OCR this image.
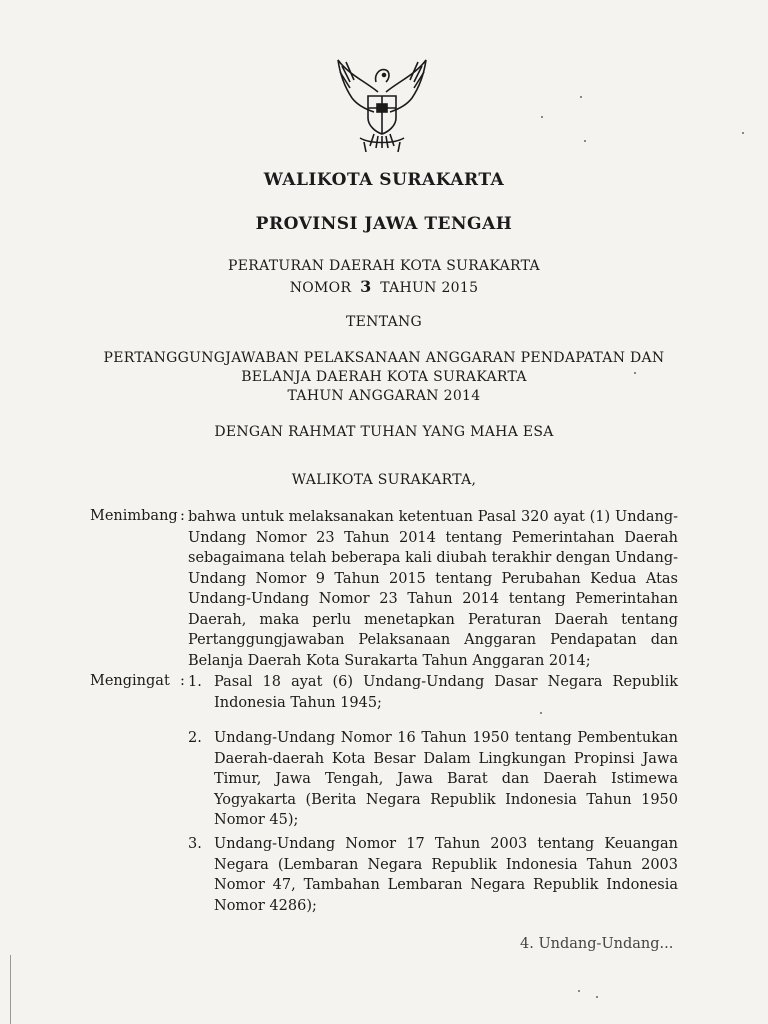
WALIKOTA SURAKARTA
PROVINSI JAWA TENGAH
PERATURAN DAERAH KOTA SURAKARTA
NOMOR 3 TAHUN 2015
TENTANG
PERTANGGUNGJAWABAN PELAKSANAAN ANGGARAN PENDAPATAN DAN
BELANJA DAERAH KOTA SURAKARTA
TAHUN ANGGARAN 2014
DENGAN RAHMAT TUHAN YANG MAHA ESA
WALIKOTA SURAKARTA,
Menimbang : bahwa untuk melaksanakan ketentuan Pasal 320 ayat (1) Undang-Undang Nomor 23 Tahun 2014 tentang Pemerintahan Daerah sebagaimana telah beberapa kali diubah terakhir dengan Undang-Undang Nomor 9 Tahun 2015 tentang Perubahan Kedua Atas Undang-Undang Nomor 23 Tahun 2014 tentang Pemerintahan Daerah, maka perlu menetapkan Peraturan Daerah tentang Pertanggungjawaban Pelaksanaan Anggaran Pendapatan dan Belanja Daerah Kota Surakarta Tahun Anggaran 2014;
Mengingat : 1. Pasal 18 ayat (6) Undang-Undang Dasar Negara Republik Indonesia Tahun 1945;
2. Undang-Undang Nomor 16 Tahun 1950 tentang Pembentukan Daerah-daerah Kota Besar Dalam Lingkungan Propinsi Jawa Timur, Jawa Tengah, Jawa Barat dan Daerah Istimewa Yogyakarta (Berita Negara Republik Indonesia Tahun 1950 Nomor 45);
3. Undang-Undang Nomor 17 Tahun 2003 tentang Keuangan Negara (Lembaran Negara Republik Indonesia Tahun 2003 Nomor 47, Tambahan Lembaran Negara Republik Indonesia Nomor 4286);
4. Undang-Undang...
